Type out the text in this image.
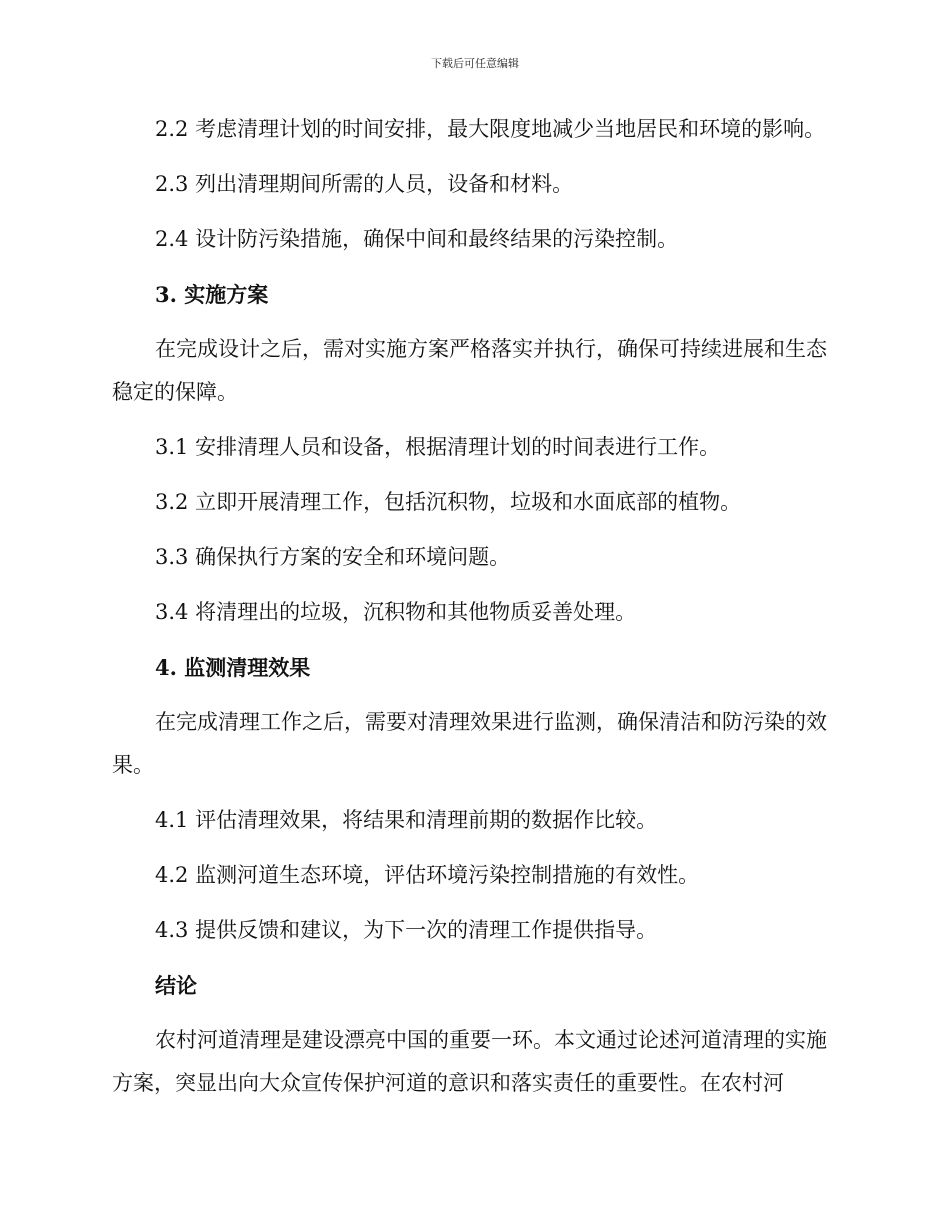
下载后可任意编辑

2.2 考虑清理计划的时间安排，最大限度地减少当地居民和环境的影响。

2.3 列出清理期间所需的人员，设备和材料。

2.4 设计防污染措施，确保中间和最终结果的污染控制。

3. 实施方案

在完成设计之后，需对实施方案严格落实并执行，确保可持续进展和生态稳定的保障。

3.1 安排清理人员和设备，根据清理计划的时间表进行工作。

3.2 立即开展清理工作，包括沉积物，垃圾和水面底部的植物。

3.3 确保执行方案的安全和环境问题。

3.4 将清理出的垃圾，沉积物和其他物质妥善处理。

4. 监测清理效果

在完成清理工作之后，需要对清理效果进行监测，确保清洁和防污染的效果。

4.1 评估清理效果，将结果和清理前期的数据作比较。

4.2 监测河道生态环境，评估环境污染控制措施的有效性。

4.3 提供反馈和建议，为下一次的清理工作提供指导。

结论

农村河道清理是建设漂亮中国的重要一环。本文通过论述河道清理的实施方案，突显出向大众宣传保护河道的意识和落实责任的重要性。在农村河
